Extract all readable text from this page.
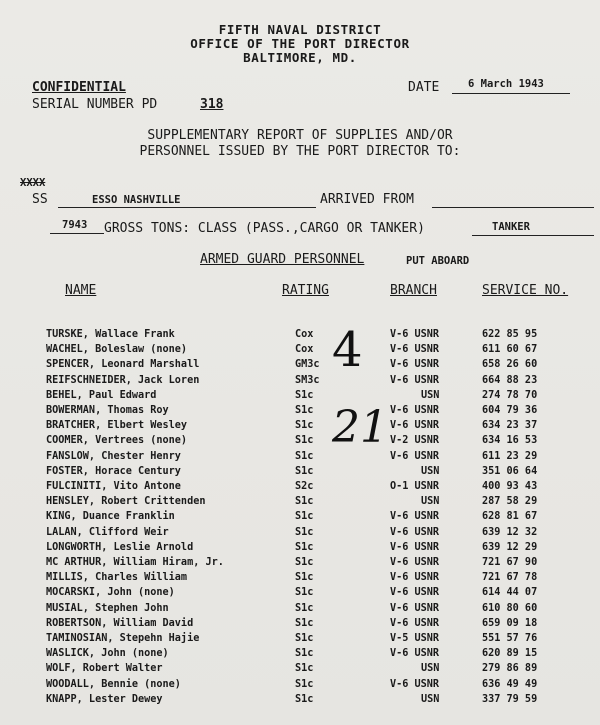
FIFTH NAVAL DISTRICT
OFFICE OF THE PORT DIRECTOR
BALTIMORE, MD.
CONFIDENTIAL
SERIAL NUMBER PD	318
DATE	6 March 1943
SUPPLEMENTARY REPORT OF SUPPLIES AND/OR
PERSONNEL ISSUED BY THE PORT DIRECTOR TO:
XXXX
SS	ESSO NASHVILLE	ARRIVED FROM
7943 GROSS TONS: CLASS (PASS.,CARGO OR TANKER)	TANKER
ARMED GUARD PERSONNEL	PUT ABOARD
NAME	RATING	BRANCH	SERVICE NO.
TURSKE, Wallace Frank	Cox	V-6 USNR	622 85 95
WACHEL, Boleslaw (none)	Cox	V-6 USNR	611 60 67
SPENCER, Leonard Marshall	GM3c	V-6 USNR	658 26 60
REIFSCHNEIDER, Jack Loren	SM3c	V-6 USNR	664 88 23
BEHEL, Paul Edward	S1c	USN	274 78 70
BOWERMAN, Thomas Roy	S1c	V-6 USNR	604 79 36
BRATCHER, Elbert Wesley	S1c	V-6 USNR	634 23 37
COOMER, Vertrees (none)	S1c	V-2 USNR	634 16 53
FANSLOW, Chester Henry	S1c	V-6 USNR	611 23 29
FOSTER, Horace Century	S1c	USN	351 06 64
FULCINITI, Vito Antone	S2c	O-1 USNR	400 93 43
HENSLEY, Robert Crittenden	S1c	USN	287 58 29
KING, Duance Franklin	S1c	V-6 USNR	628 81 67
LALAN, Clifford Weir	S1c	V-6 USNR	639 12 32
LONGWORTH, Leslie Arnold	S1c	V-6 USNR	639 12 29
MC ARTHUR, William Hiram, Jr.	S1c	V-6 USNR	721 67 90
MILLIS, Charles William	S1c	V-6 USNR	721 67 78
MOCARSKI, John (none)	S1c	V-6 USNR	614 44 07
MUSIAL, Stephen John	S1c	V-6 USNR	610 80 60
ROBERTSON, William David	S1c	V-6 USNR	659 09 18
TAMINOSIAN, Stepehn Hajie	S1c	V-5 USNR	551 57 76
WASLICK, John (none)	S1c	V-6 USNR	620 89 15
WOLF, Robert Walter	S1c	USN	279 86 89
WOODALL, Bennie (none)	S1c	V-6 USNR	636 49 49
KNAPP, Lester Dewey	S1c	USN	337 79 59
4
21
